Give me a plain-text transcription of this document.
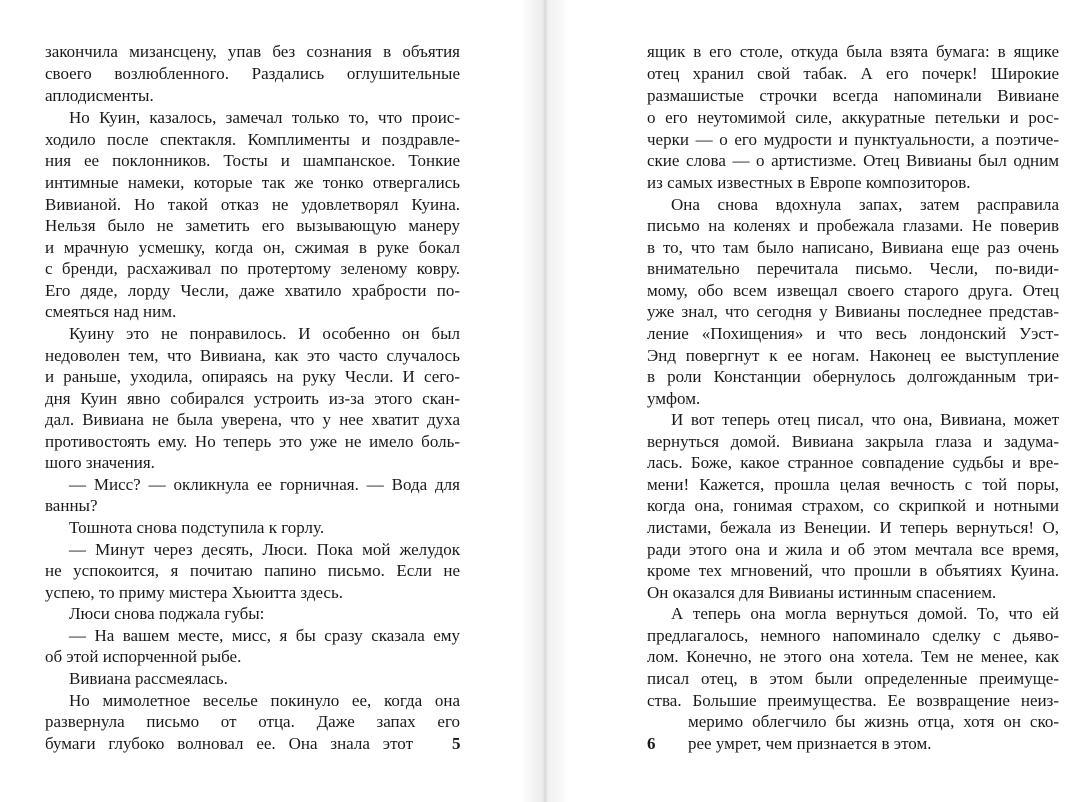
закончила мизансцену, упав без сознания в объятия
своего возлюбленного. Раздались оглушительные
аплодисменты.
Но Куин, казалось, замечал только то, что проис-
ходило после спектакля. Комплименты и поздравле-
ния ее поклонников. Тосты и шампанское. Тонкие
интимные намеки, которые так же тонко отвергались
Вивианой. Но такой отказ не удовлетворял Куина.
Нельзя было не заметить его вызывающую манеру
и мрачную усмешку, когда он, сжимая в руке бокал
с бренди, расхаживал по протертому зеленому ковру.
Его дяде, лорду Чесли, даже хватило храбрости по-
смеяться над ним.
Куину это не понравилось. И особенно он был
недоволен тем, что Вивиана, как это часто случалось
и раньше, уходила, опираясь на руку Чесли. И сего-
дня Куин явно собирался устроить из-за этого скан-
дал. Вивиана не была уверена, что у нее хватит духа
противостоять ему. Но теперь это уже не имело боль-
шого значения.
— Мисс? — окликнула ее горничная. — Вода для
ванны?
Тошнота снова подступила к горлу.
— Минут через десять, Люси. Пока мой желудок
не успокоится, я почитаю папино письмо. Если не
успею, то приму мистера Хьюитта здесь.
Люси снова поджала губы:
— На вашем месте, мисс, я бы сразу сказала ему
об этой испорченной рыбе.
Вивиана рассмеялась.
Но мимолетное веселье покинуло ее, когда она
развернула письмо от отца. Даже запах его
бумаги глубоко волновал ее. Она знала этот 5
ящик в его столе, откуда была взята бумага: в ящике
отец хранил свой табак. А его почерк! Широкие
размашистые строчки всегда напоминали Вивиане
о его неутомимой силе, аккуратные петельки и рос-
черки — о его мудрости и пунктуальности, а поэтиче-
ские слова — о артистизме. Отец Вивианы был одним
из самых известных в Европе композиторов.
Она снова вдохнула запах, затем расправила
письмо на коленях и пробежала глазами. Не поверив
в то, что там было написано, Вивиана еще раз очень
внимательно перечитала письмо. Чесли, по-види-
мому, обо всем извещал своего старого друга. Отец
уже знал, что сегодня у Вивианы последнее представ-
ление «Похищения» и что весь лондонский Уэст-
Энд повергнут к ее ногам. Наконец ее выступление
в роли Констанции обернулось долгожданным три-
умфом.
И вот теперь отец писал, что она, Вивиана, может
вернуться домой. Вивиана закрыла глаза и задума-
лась. Боже, какое странное совпадение судьбы и вре-
мени! Кажется, прошла целая вечность с той поры,
когда она, гонимая страхом, со скрипкой и нотными
листами, бежала из Венеции. И теперь вернуться! О,
ради этого она и жила и об этом мечтала все время,
кроме тех мгновений, что прошли в объятиях Куина.
Он оказался для Вивианы истинным спасением.
А теперь она могла вернуться домой. То, что ей
предлагалось, немного напоминало сделку с дьяво-
лом. Конечно, не этого она хотела. Тем не менее, как
писал отец, в этом были определенные преимуще-
ства. Большие преимущества. Ее возвращение неиз-
меримо облегчило бы жизнь отца, хотя он ско-
рее умрет, чем признается в этом.
6
